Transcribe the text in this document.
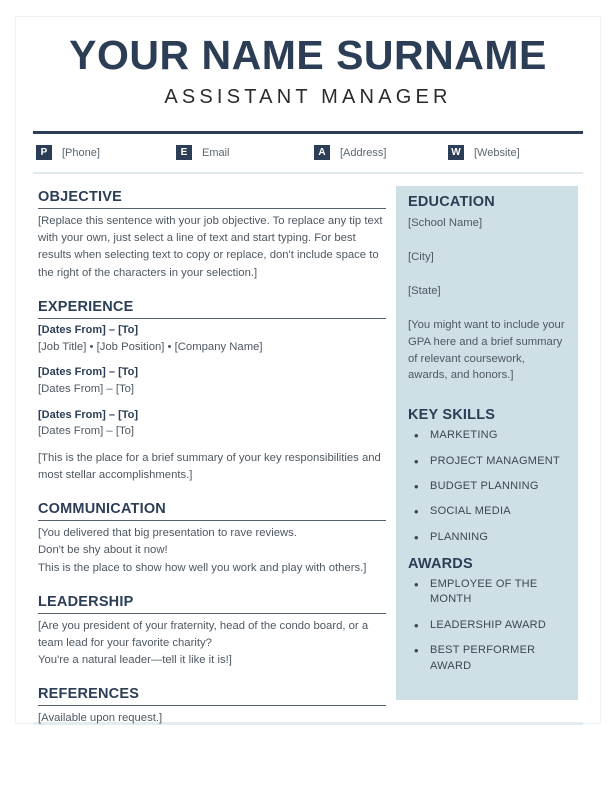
YOUR NAME SURNAME
ASSISTANT MANAGER
P	[Phone]	E	Email	A	[Address]	W [Website]
OBJECTIVE
[Replace this sentence with your job objective. To replace any tip text with your own, just select a line of text and start typing. For best results when selecting text to copy or replace, don't include space to the right of the characters in your selection.]
EXPERIENCE
[Dates From] – [To]
[Job Title] • [Job Position] • [Company Name]
[Dates From] – [To]
[Dates From] – [To]
[Dates From] – [To]
[Dates From] – [To]
[This is the place for a brief summary of your key responsibilities and most stellar accomplishments.]
COMMUNICATION

[You delivered that big presentation to rave reviews.

Don't be shy about it now!

This is the place to show how well you work and play with others.]

LEADERSHIP

[Are you president of your fraternity, head of the condo board, or a

team lead for your favorite charity?

You're a natural leader—tell it like it is!]

REFERENCES
[Available upon request.]
EDUCATION
[School Name]
[City]
[State]
[You might want to include your GPA here and a brief summary of relevant coursework, awards, and honors.]
KEY SKILLS
• MARKETING
• PROJECT MANAGMENT
• BUDGET PLANNING
• SOCIAL MEDIA
• PLANNING
AWARDS
• EMPLOYEE OF THE MONTH
• LEADERSHIP AWARD
• BEST PERFORMER AWARD
